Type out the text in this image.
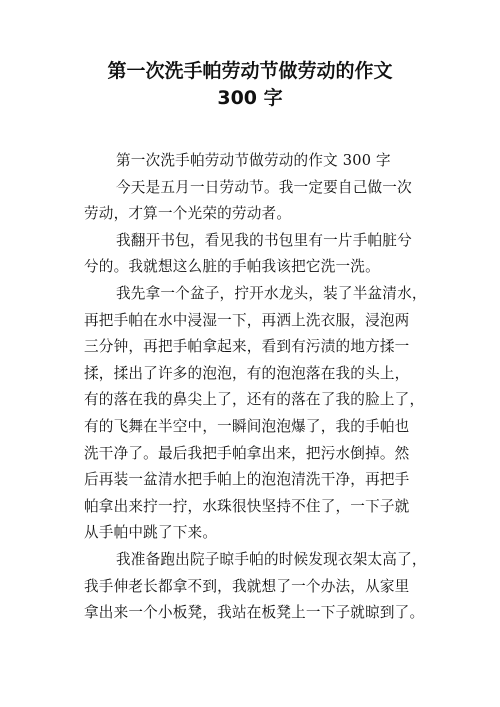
第一次洗手帕劳动节做劳动的作文
300 字

第一次洗手帕劳动节做劳动的作文 300 字

今天是五月一日劳动节。我一定要自己做一次
劳动，才算一个光荣的劳动者。

我翻开书包，看见我的书包里有一片手帕脏兮
兮的。我就想这么脏的手帕我该把它洗一洗。

我先拿一个盆子，拧开水龙头，装了半盆清水，
再把手帕在水中浸湿一下，再洒上洗衣服，浸泡两
三分钟，再把手帕拿起来，看到有污渍的地方揉一
揉，揉出了许多的泡泡，有的泡泡落在我的头上，
有的落在我的鼻尖上了，还有的落在了我的脸上了，
有的飞舞在半空中，一瞬间泡泡爆了，我的手帕也
洗干净了。最后我把手帕拿出来，把污水倒掉。然
后再装一盆清水把手帕上的泡泡清洗干净，再把手
帕拿出来拧一拧，水珠很快坚持不住了，一下子就
从手帕中跳了下来。

我准备跑出院子晾手帕的时候发现衣架太高了，
我手伸老长都拿不到，我就想了一个办法，从家里
拿出来一个小板凳，我站在板凳上一下子就晾到了。
